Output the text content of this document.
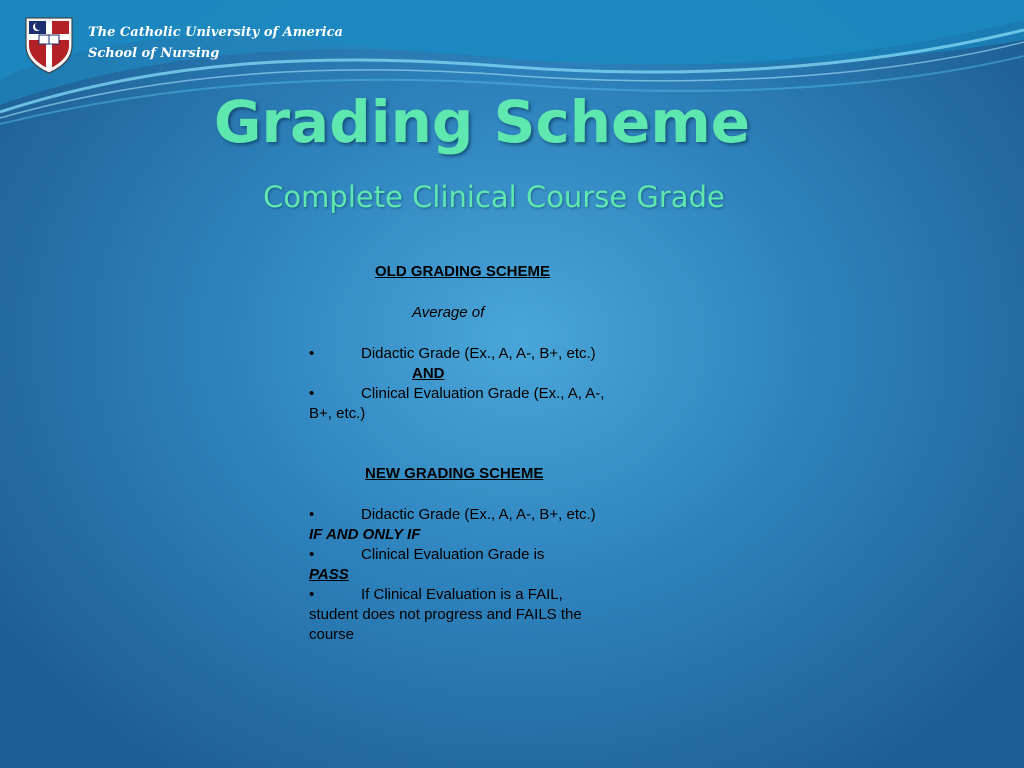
The Catholic University of America
School of Nursing
Grading Scheme
Complete Clinical Course Grade
OLD GRADING SCHEME
Average of
•	Didactic Grade (Ex., A, A-, B+, etc.)
AND
•	Clinical Evaluation Grade (Ex., A, A-,
B+, etc.)
NEW GRADING SCHEME
•	Didactic Grade (Ex., A, A-, B+, etc.)
IF AND ONLY IF
•	Clinical Evaluation Grade is
PASS
•	If Clinical Evaluation is a FAIL,
student does not progress and FAILS the
course
